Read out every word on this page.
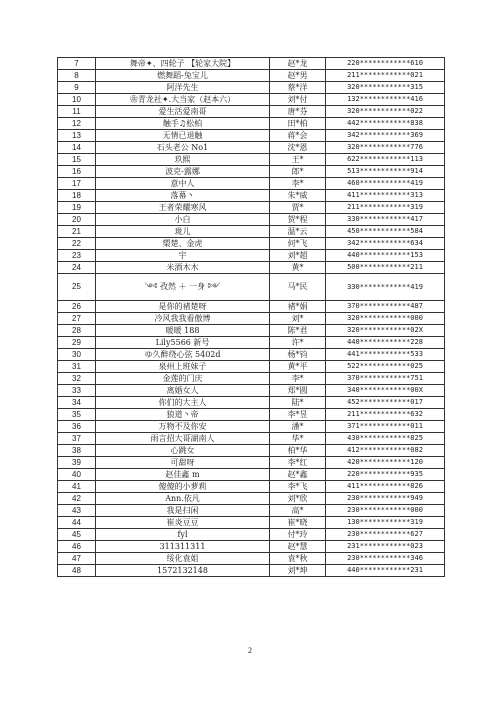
7	舞帝✦、四轮子 【轮家大院】	赵*龙	220************610
8	燃舞蹈-兔宝儿	赵*男	211************021
9	阿洋先生	蔡*洋	320************315
10	❀青龙社✦.大当家（赵本六）	刘*付	132************416
11	爱生活爱南哥	唐*芬	320************022
12	触手♫松柏	田*柏	442************838
13	无情已退触	蒋*会	342************369
14	石头老公 No1	沈*恩	320************776
15	玖熙	王*	622************113
16	波克-露娜	郎*	513************914
17	意中人	李*	460************419
18	落幕丶	朱*威	411************313
19	王者荣耀寒风	贾*	211************319
20	小白	贺*程	330************417
21	珑儿	温*云	450************584
22	槊楚、金虎	何*飞	342************634
23	宇	刘*超	440************153
24	米酒木木	黄*	500************211
25	༺ 孜然 ＋ 一身 ༻	马*民	330************419
26	是你的褚楚呀	褚*娟	370************487
27	冷风我我看傲博	刘*	320************000
28	暖暖 188	陈*君	320************02X
29	Lily5566 新号	许*	440************228
30	ゆ久醉绕心弦 5402d	杨*钧	441************533
31	泉州上班妹子	黄*平	522************025
32	金莲的门庆	李*	370************751
33	离婚女人	郑*圆	340************00X
34	你们的大主人	陆*	452************017
35	狼道丶帝	李*昱	211************632
36	万物不及你安	潘*	371************011
37	雨言招大哥湖南人	华*	430************825
38	心跳女	柏*华	412************082
39	可甜呀	李*红	420************120
40	赵佳鑫 m	赵*鑫	220************935
41	傻傻的小萝莉	李*飞	411************826
42	Ann.依凡	刘*欣	230************949
43	我是扫闲	高*	230************000
44	崔炎豆豆	崔*晓	130************319
45	fyl	付*玲	230************627
46	311311311	赵*慧	231************023
47	绥化袁姐	袁*秋	230************346
48	1572132148	刘*坤	440************231
2
